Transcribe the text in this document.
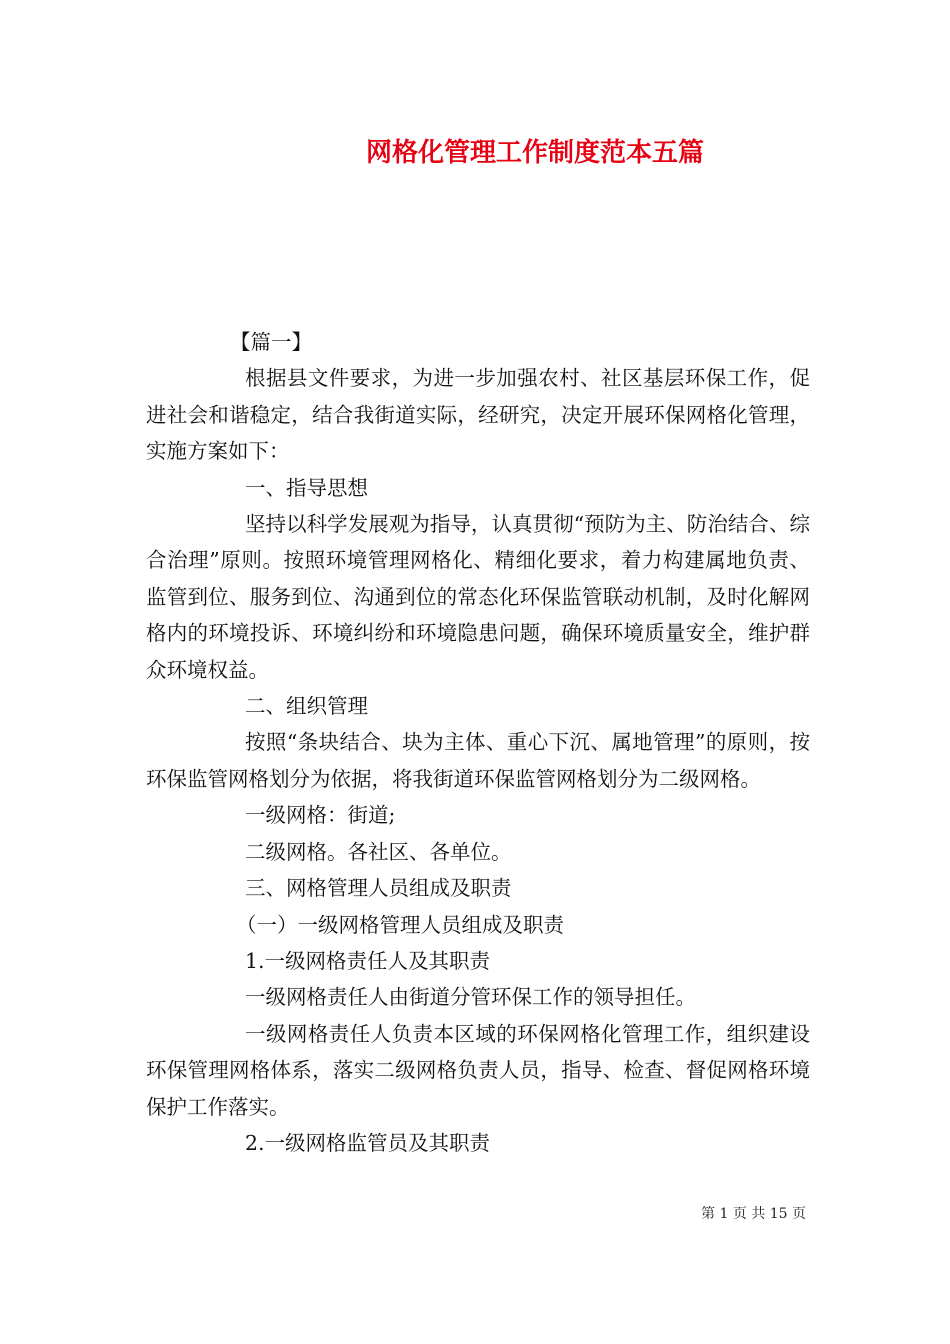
网格化管理工作制度范本五篇

【篇一】

根据县文件要求，为进一步加强农村、社区基层环保工作，促进社会和谐稳定，结合我街道实际，经研究，决定开展环保网格化管理，实施方案如下：

一、指导思想

坚持以科学发展观为指导，认真贯彻“预防为主、防治结合、综合治理”原则。按照环境管理网格化、精细化要求，着力构建属地负责、监管到位、服务到位、沟通到位的常态化环保监管联动机制，及时化解网格内的环境投诉、环境纠纷和环境隐患问题，确保环境质量安全，维护群众环境权益。

二、组织管理

按照“条块结合、块为主体、重心下沉、属地管理”的原则，按环保监管网格划分为依据，将我街道环保监管网格划分为二级网格。

一级网格：街道;

二级网格。各社区、各单位。

三、网格管理人员组成及职责

（一）一级网格管理人员组成及职责

1.一级网格责任人及其职责

一级网格责任人由街道分管环保工作的领导担任。

一级网格责任人负责本区域的环保网格化管理工作，组织建设环保管理网格体系，落实二级网格负责人员，指导、检查、督促网格环境保护工作落实。

2.一级网格监管员及其职责

第 1 页 共 15 页
